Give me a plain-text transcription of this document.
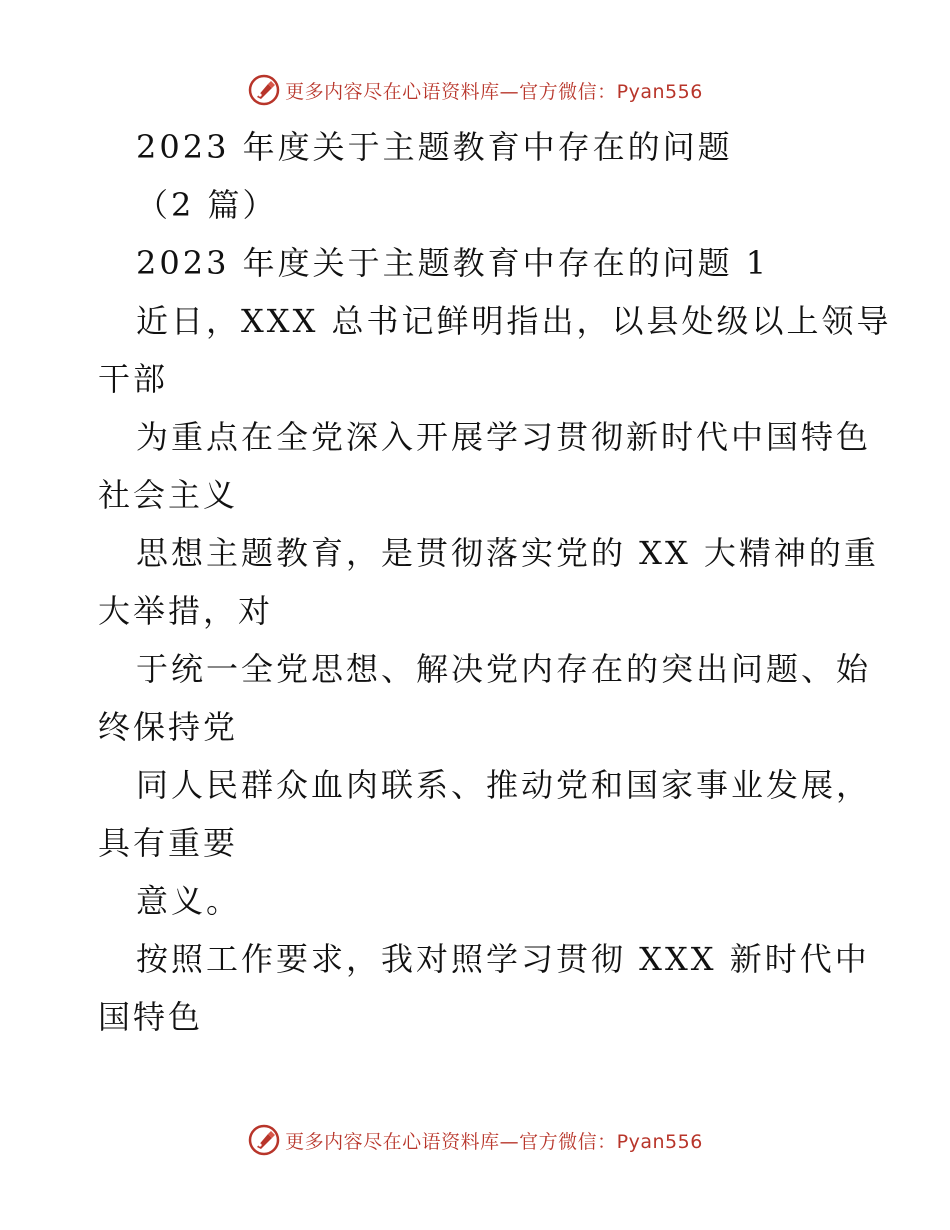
更多内容尽在心语资料库—官方微信：Pyan556
2023 年度关于主题教育中存在的问题
（2 篇）
2023 年度关于主题教育中存在的问题 1
近日，XXX 总书记鲜明指出，以县处级以上领导
干部
为重点在全党深入开展学习贯彻新时代中国特色
社会主义
思想主题教育，是贯彻落实党的 XX 大精神的重
大举措，对
于统一全党思想、解决党内存在的突出问题、始
终保持党
同人民群众血肉联系、推动党和国家事业发展，
具有重要
意义。
按照工作要求，我对照学习贯彻 XXX 新时代中
国特色
更多内容尽在心语资料库—官方微信：Pyan556
